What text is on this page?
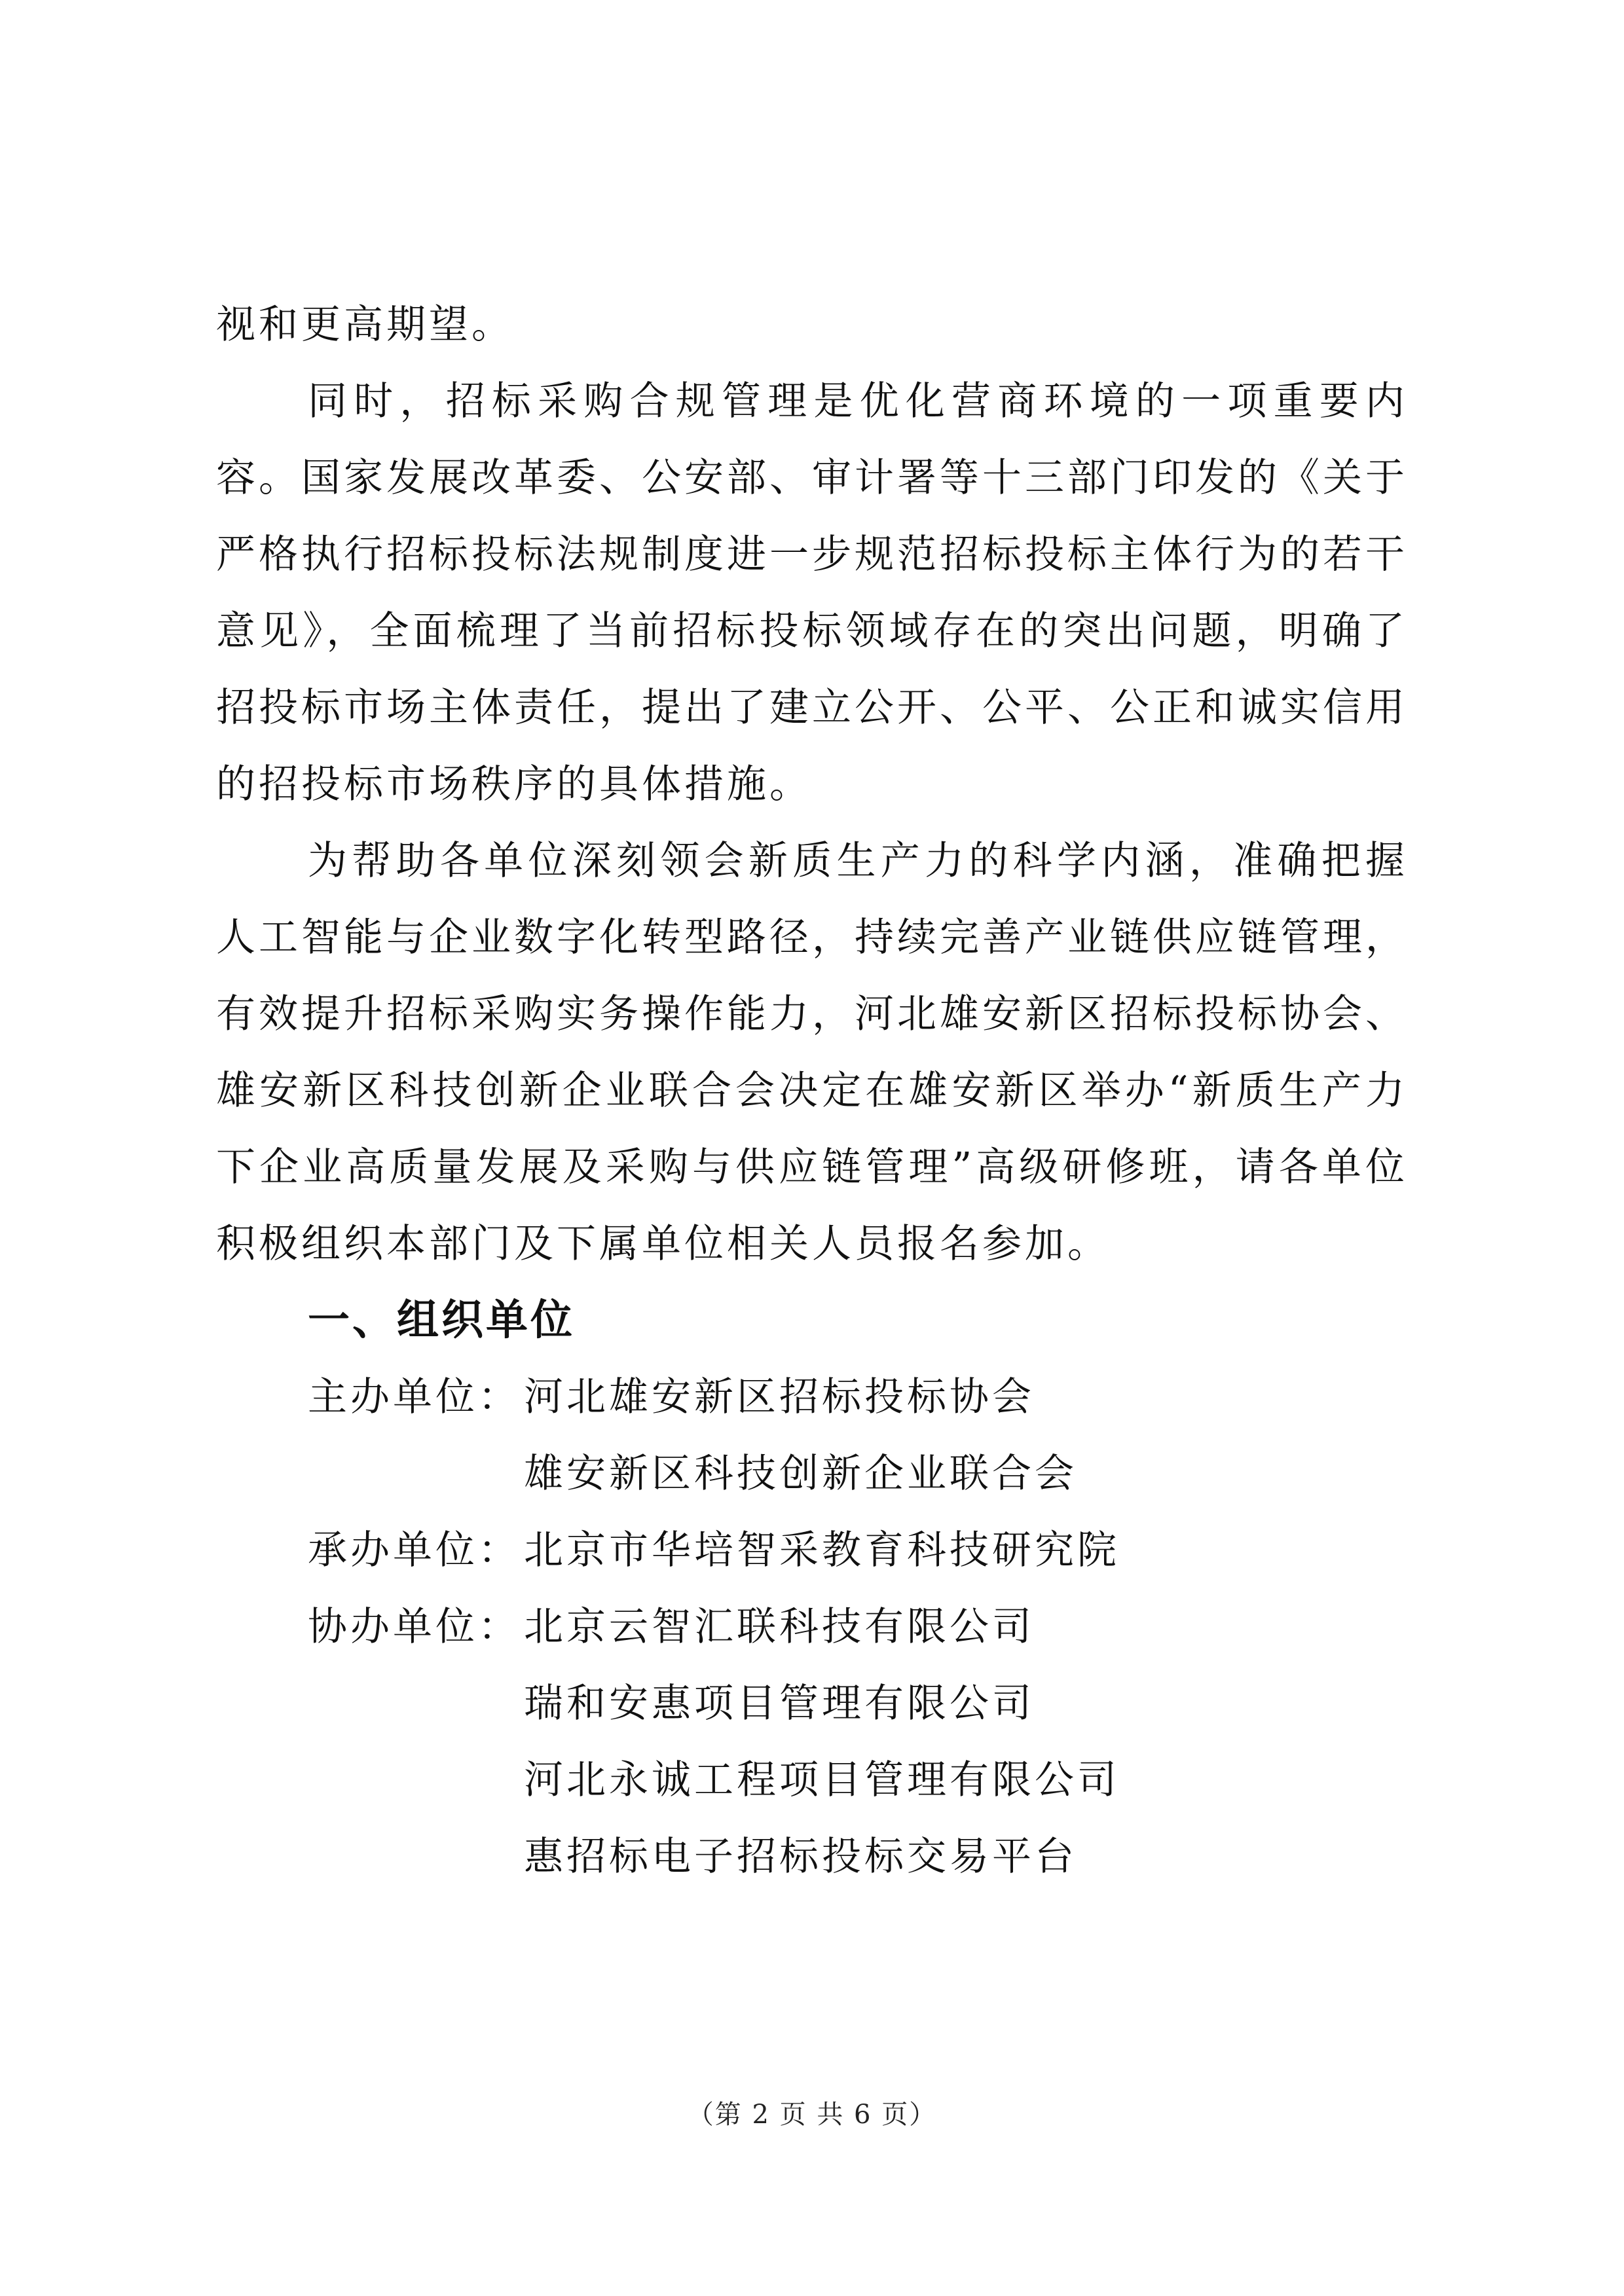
视和更高期望。

同时，招标采购合规管理是优化营商环境的一项重要内容。国家发展改革委、公安部、审计署等十三部门印发的《关于严格执行招标投标法规制度进一步规范招标投标主体行为的若干意见》，全面梳理了当前招标投标领域存在的突出问题，明确了招投标市场主体责任，提出了建立公开、公平、公正和诚实信用的招投标市场秩序的具体措施。

为帮助各单位深刻领会新质生产力的科学内涵，准确把握人工智能与企业数字化转型路径，持续完善产业链供应链管理，有效提升招标采购实务操作能力，河北雄安新区招标投标协会、雄安新区科技创新企业联合会决定在雄安新区举办“新质生产力下企业高质量发展及采购与供应链管理”高级研修班，请各单位积极组织本部门及下属单位相关人员报名参加。

一、组织单位
主办单位： 河北雄安新区招标投标协会
雄安新区科技创新企业联合会
承办单位： 北京市华培智采教育科技研究院
协办单位： 北京云智汇联科技有限公司
瑞和安惠项目管理有限公司
河北永诚工程项目管理有限公司
惠招标电子招标投标交易平台
（第 2 页 共 6 页）
